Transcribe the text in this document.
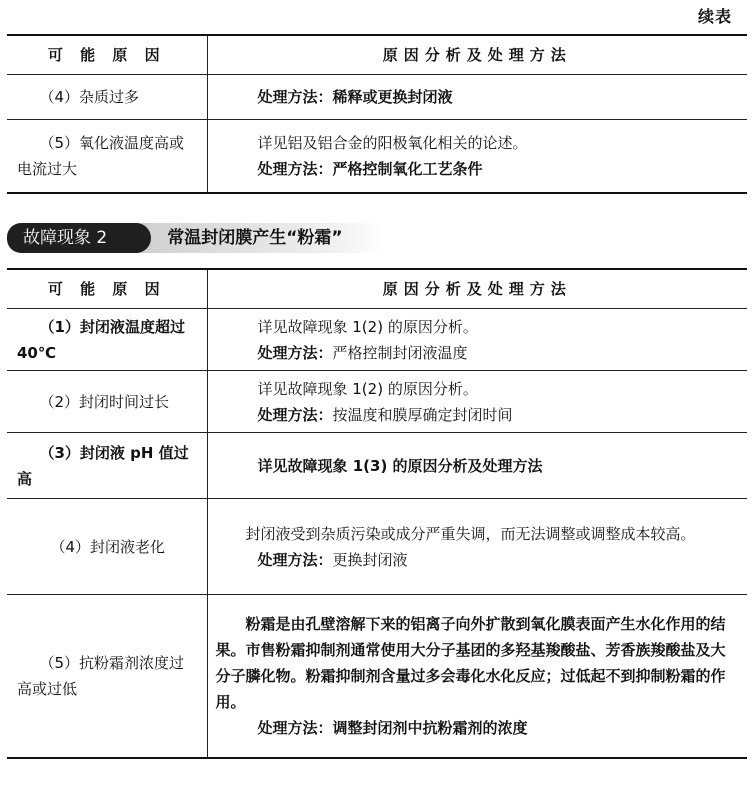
续表
可 能 原 因	原因分析及处理方法
（4）杂质过多	处理方法：稀释或更换封闭液

（5）氧化液温度高或电流过大	详见铝及铝合金的阳极氧化相关的论述。
处理方法：严格控制氧化工艺条件
故障现象 2	常温封闭膜产生“粉霜”
可 能 原 因	原因分析及处理方法

（1）封闭液温度超过 40℃	详见故障现象 1(2) 的原因分析。
处理方法：严格控制封闭液温度

（2）封闭时间过长	详见故障现象 1(2) 的原因分析。
处理方法：按温度和膜厚确定封闭时间

（3）封闭液 pH 值过高	详见故障现象 1(3) 的原因分析及处理方法

（4）封闭液老化	封闭液受到杂质污染或成分严重失调，而无法调整或调整成本较高。
处理方法：更换封闭液

（5）抗粉霜剂浓度过高或过低	粉霜是由孔壁溶解下来的铝离子向外扩散到氧化膜表面产生水化作用的结果。市售粉霜抑制剂通常使用大分子基团的多羟基羧酸盐、芳香族羧酸盐及大分子膦化物。粉霜抑制剂含量过多会毒化水化反应；过低起不到抑制粉霜的作用。
处理方法：调整封闭剂中抗粉霜剂的浓度
